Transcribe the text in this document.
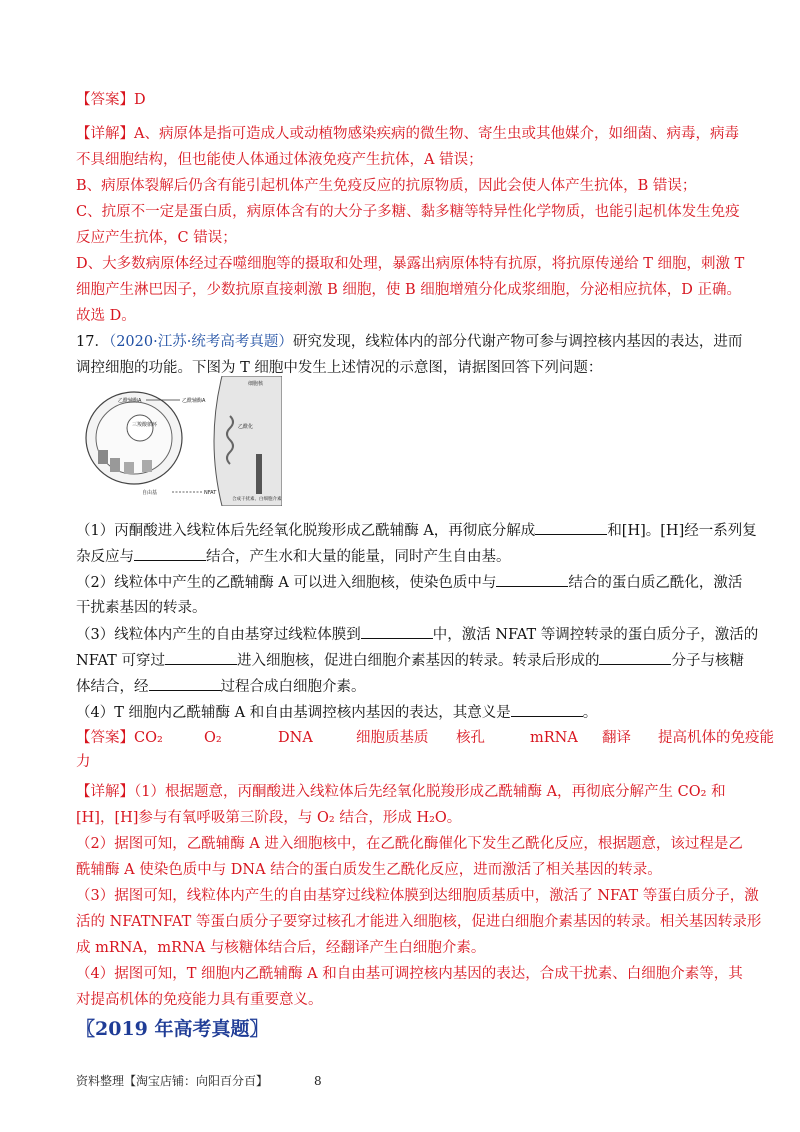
【答案】D
【详解】A、病原体是指可造成人或动植物感染疾病的微生物、寄生虫或其他媒介，如细菌、病毒，病毒
不具细胞结构，但也能使人体通过体液免疫产生抗体，A 错误；
B、病原体裂解后仍含有能引起机体产生免疫反应的抗原物质，因此会使人体产生抗体，B 错误；
C、抗原不一定是蛋白质，病原体含有的大分子多糖、黏多糖等特异性化学物质，也能引起机体发生免疫
反应产生抗体，C 错误；
D、大多数病原体经过吞噬细胞等的摄取和处理，暴露出病原体特有抗原，将抗原传递给 T 细胞，刺激 T
细胞产生淋巴因子，少数抗原直接刺激 B 细胞，使 B 细胞增殖分化成浆细胞，分泌相应抗体，D 正确。
故选 D。
17．（2020·江苏·统考高考真题）研究发现，线粒体内的部分代谢产物可参与调控核内基因的表达，进而
调控细胞的功能。下图为 T 细胞中发生上述情况的示意图，请据图回答下列问题：
三羧酸循环
乙酰辅酶A	乙酰辅酶A
自由基	NFAT
细胞核
乙酰化
合成干扰素、白细胞介素
（1）丙酮酸进入线粒体后先经氧化脱羧形成乙酰辅酶 A，再彻底分解成	和[H]。[H]经一系列复
杂反应与	结合，产生水和大量的能量，同时产生自由基。
（2）线粒体中产生的乙酰辅酶 A 可以进入细胞核，使染色质中与	结合的蛋白质乙酰化，激活
干扰素基因的转录。
（3）线粒体内产生的自由基穿过线粒体膜到	中，激活 NFAT 等调控转录的蛋白质分子，激活的
NFAT 可穿过	进入细胞核，促进白细胞介素基因的转录。转录后形成的	分子与核糖
体结合，经	过程合成白细胞介素。
（4）T 细胞内乙酰辅酶 A 和自由基调控核内基因的表达，其意义是	。
【答案】CO₂	O₂	DNA	细胞质基质 核孔	mRNA 翻译 提高机体的免疫能
力
【详解】（1）根据题意，丙酮酸进入线粒体后先经氧化脱羧形成乙酰辅酶 A，再彻底分解产生 CO₂ 和
[H]，[H]参与有氧呼吸第三阶段，与 O₂ 结合，形成 H₂O。
（2）据图可知，乙酰辅酶 A 进入细胞核中，在乙酰化酶催化下发生乙酰化反应，根据题意，该过程是乙
酰辅酶 A 使染色质中与 DNA 结合的蛋白质发生乙酰化反应，进而激活了相关基因的转录。
（3）据图可知，线粒体内产生的自由基穿过线粒体膜到达细胞质基质中，激活了 NFAT 等蛋白质分子，激
活的 NFATNFAT 等蛋白质分子要穿过核孔才能进入细胞核，促进白细胞介素基因的转录。相关基因转录形
成 mRNA，mRNA 与核糖体结合后，经翻译产生白细胞介素。
（4）据图可知，T 细胞内乙酰辅酶 A 和自由基可调控核内基因的表达，合成干扰素、白细胞介素等，其
对提高机体的免疫能力具有重要意义。
〖2019 年高考真题〗
资料整理【淘宝店铺：向阳百分百】	8
